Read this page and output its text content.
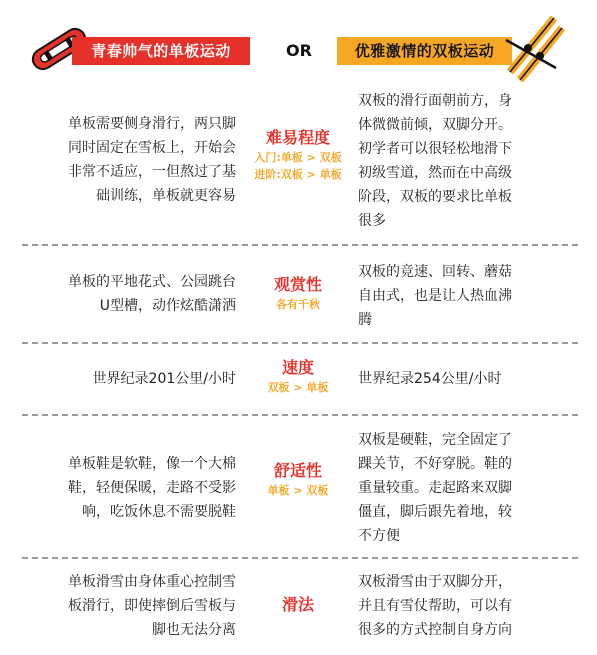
青春帅气的单板运动	OR	优雅激情的双板运动
单板需要侧身滑行，两只脚
同时固定在雪板上，开始会
非常不适应，一但熬过了基
础训练，单板就更容易
难易程度
入门:单板 > 双板
进阶:双板 > 单板
双板的滑行面朝前方，身
体微微前倾，双脚分开。
初学者可以很轻松地滑下
初级雪道，然而在中高级
阶段，双板的要求比单板
很多
单板的平地花式、公园跳台
U型槽，动作炫酷潇洒
观赏性
各有千秋
双板的竞速、回转、蘑菇
自由式，也是让人热血沸
腾
世界纪录201公里/小时
速度
双板 > 单板
世界纪录254公里/小时
单板鞋是软鞋，像一个大棉
鞋，轻便保暖，走路不受影
响，吃饭休息不需要脱鞋
舒适性
单板 > 双板
双板是硬鞋，完全固定了
踝关节，不好穿脱。鞋的
重量较重。走起路来双脚
僵直，脚后跟先着地，较
不方便
单板滑雪由身体重心控制雪
板滑行，即使摔倒后雪板与
脚也无法分离
滑法
双板滑雪由于双脚分开，
并且有雪仗帮助，可以有
很多的方式控制自身方向
